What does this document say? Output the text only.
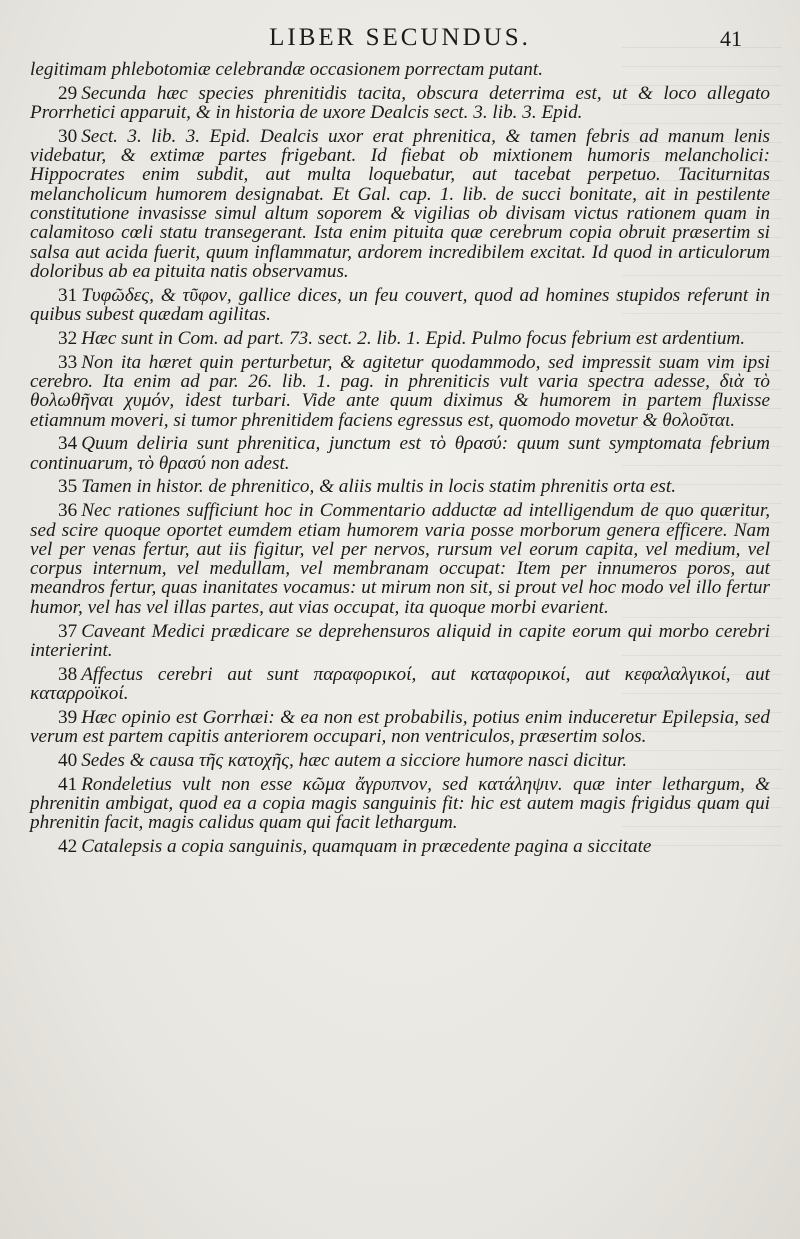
LIBER SECUNDUS.	41

legitimam phlebotomiæ celebrandæ occasionem porrectam putant.

29 Secunda hæc species phrenitidis tacita, obscura deterrima est, ut & loco allegato Prorrhetici apparuit, & in historia de uxore Dealcis sect. 3. lib. 3. Epid.

30 Sect. 3. lib. 3. Epid. Dealcis uxor erat phrenitica, & tamen febris ad manum lenis videbatur, & extimæ partes frigebant. Id fiebat ob mixtionem humoris melancholici: Hippocrates enim subdit, aut multa loquebatur, aut tacebat perpetuo. Taciturnitas melancholicum humorem designabat. Et Gal. cap. 1. lib. de succi bonitate, ait in pestilente constitutione invasisse simul altum soporem & vigilias ob divisam victus rationem quam in calamitoso cœli statu transegerant. Ista enim pituita quæ cerebrum copia obruit præsertim si salsa aut acida fuerit, quum inflammatur, ardorem incredibilem excitat. Id quod in articulorum doloribus ab ea pituita natis observamus.

31 Τυφῶδες, & τῦφον, gallice dices, un feu couvert, quod ad homines stupidos referunt in quibus subest quædam agilitas.

32 Hæc sunt in Com. ad part. 73. sect. 2. lib. 1. Epid. Pulmo focus febrium est ardentium.

33 Non ita hæret quin perturbetur, & agitetur quodammodo, sed impressit suam vim ipsi cerebro. Ita enim ad par. 26. lib. 1. pag. in phreniticis vult varia spectra adesse, διὰ τὸ θολωθῆναι χυμόν, idest turbari. Vide ante quum diximus & humorem in partem fluxisse etiamnum moveri, si tumor phrenitidem faciens egressus est, quomodo movetur & θολοῦται.

34 Quum deliria sunt phrenitica, junctum est τὸ θρασύ: quum sunt symptomata febrium continuarum, τὸ θρασύ non adest.

35 Tamen in histor. de phrenitico, & aliis multis in locis statim phrenitis orta est.

36 Nec rationes sufficiunt hoc in Commentario adductæ ad intelligendum de quo quæritur, sed scire quoque oportet eumdem etiam humorem varia posse morborum genera efficere. Nam vel per venas fertur, aut iis figitur, vel per nervos, rursum vel eorum capita, vel medium, vel corpus internum, vel medullam, vel membranam occupat: Item per innumeros poros, aut meandros fertur, quas inanitates vocamus: ut mirum non sit, si prout vel hoc modo vel illo fertur humor, vel has vel illas partes, aut vias occupat, ita quoque morbi evarient.

37 Caveant Medici prædicare se deprehensuros aliquid in capite eorum qui morbo cerebri interierint.

38 Affectus cerebri aut sunt παραφορικοί, aut καταφορικοί, aut κεφαλαλγικοί, aut καταρροϊκοί.

39 Hæc opinio est Gorrhæi: & ea non est probabilis, potius enim induceretur Epilepsia, sed verum est partem capitis anteriorem occupari, non ventriculos, præsertim solos.

40 Sedes & causa τῆς κατοχῆς, hæc autem a sicciore humore nasci dicitur.

41 Rondeletius vult non esse κῶμα ἄγρυπνον, sed κατάληψιν. quæ inter lethargum, & phrenitin ambigat, quod ea a copia magis sanguinis fit: hic est autem magis frigidus quam qui phrenitin facit, magis calidus quam qui facit lethargum.

42 Catalepsis a copia sanguinis, quamquam in præcedente pagina a siccitate
